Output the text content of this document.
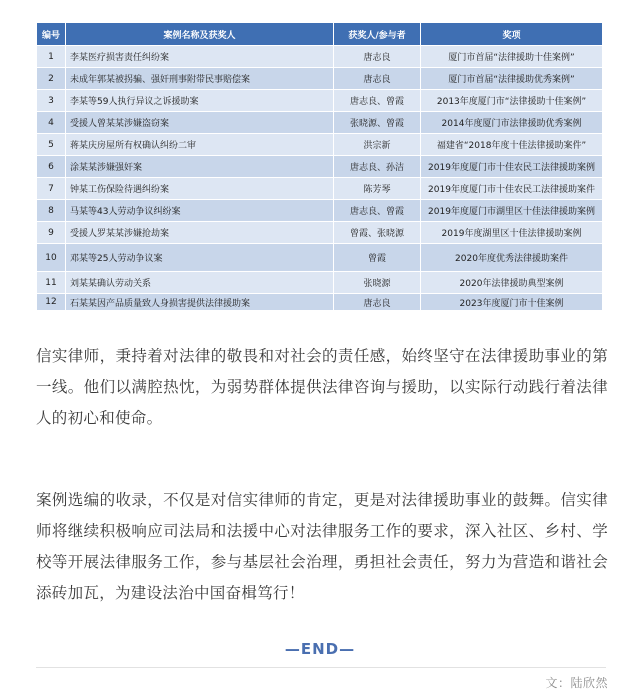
编号	案例名称及获奖人	获奖人/参与者	奖项
1	李某医疗损害责任纠纷案	唐志良	厦门市首届“法律援助十佳案例”
2	未成年郭某被拐骗、强奸刑事附带民事赔偿案	唐志良	厦门市首届“法律援助优秀案例”
3	李某等59人执行异议之诉援助案	唐志良、曾霞	2013年度厦门市“法律援助十佳案例”
4	受援人曾某某涉嫌盗窃案	张晓源、曾霞	2014年度厦门市法律援助优秀案例
5	蒋某庆房屋所有权确认纠纷二审	洪宗新	福建省“2018年度十佳法律援助案件”
6	涂某某涉嫌强奸案	唐志良、孙洁	2019年度厦门市十佳农民工法律援助案例
7	钟某工伤保险待遇纠纷案	陈芳琴	2019年度厦门市十佳农民工法律援助案件
8	马某等43人劳动争议纠纷案	唐志良、曾霞	2019年度厦门市湖里区十佳法律援助案例
9	受援人罗某某涉嫌抢劫案	曾霞、张晓源	2019年度湖里区十佳法律援助案例
10	邓某等25人劳动争议案	曾霞	2020年度优秀法律援助案件
11	刘某某确认劳动关系	张晓源	2020年法律援助典型案例
12	石某某因产品质量致人身损害提供法律援助案	唐志良	2023年度厦门市十佳案例

信实律师，秉持着对法律的敬畏和对社会的责任感，始终坚守在法律援助事业的第一线。他们以满腔热忱，为弱势群体提供法律咨询与援助，以实际行动践行着法律人的初心和使命。

案例选编的收录，不仅是对信实律师的肯定，更是对法律援助事业的鼓舞。信实律师将继续积极响应司法局和法援中心对法律服务工作的要求，深入社区、乡村、学校等开展法律服务工作，参与基层社会治理，勇担社会责任，努力为营造和谐社会添砖加瓦，为建设法治中国奋楫笃行！

—END—
文：陆欣然
